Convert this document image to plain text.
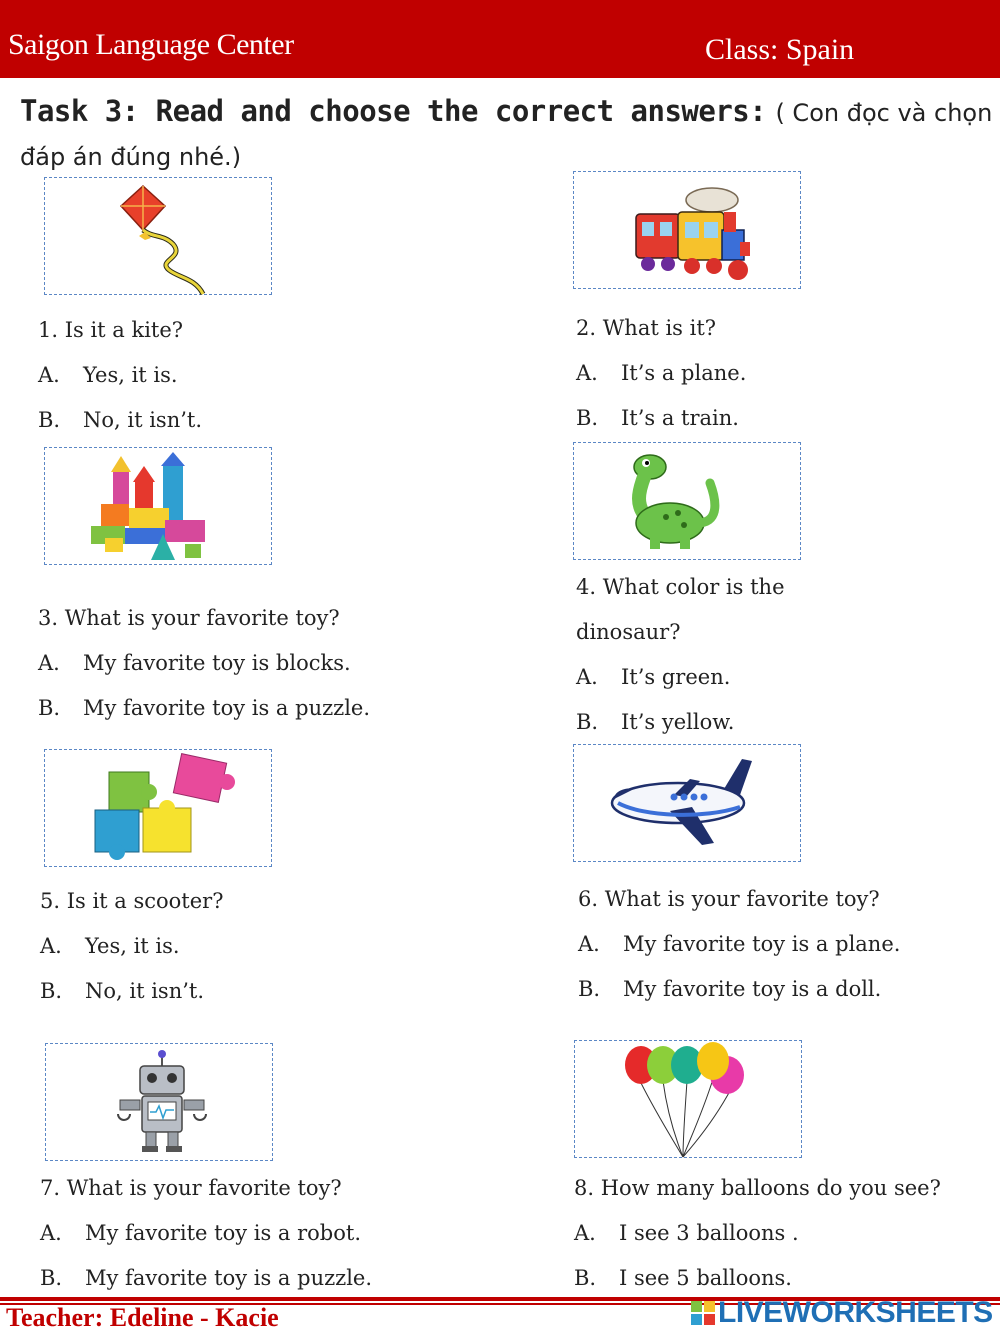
Saigon Language Center	Class: Spain
Task 3: Read and choose the correct answers: ( Con đọc và chọn đáp án đúng nhé.)
1. Is it a kite?
A. Yes, it is.
B. No, it isn’t.
2. What is it?
A. It’s a plane.
B. It’s a train.
3. What is your favorite toy?
A. My favorite toy is blocks.
B. My favorite toy is a puzzle.
4. What color is the
dinosaur?
A. It’s green.
B. It’s yellow.
5. Is it a scooter?
A. Yes, it is.
B. No, it isn’t.
6. What is your favorite toy?
A. My favorite toy is a plane.
B. My favorite toy is a doll.
7. What is your favorite toy?
A. My favorite toy is a robot.
B. My favorite toy is a puzzle.
8. How many balloons do you see?
A. I see 3 balloons .
B. I see 5 balloons.
Teacher: Edeline - Kacie	LIVEWORKSHEETS
